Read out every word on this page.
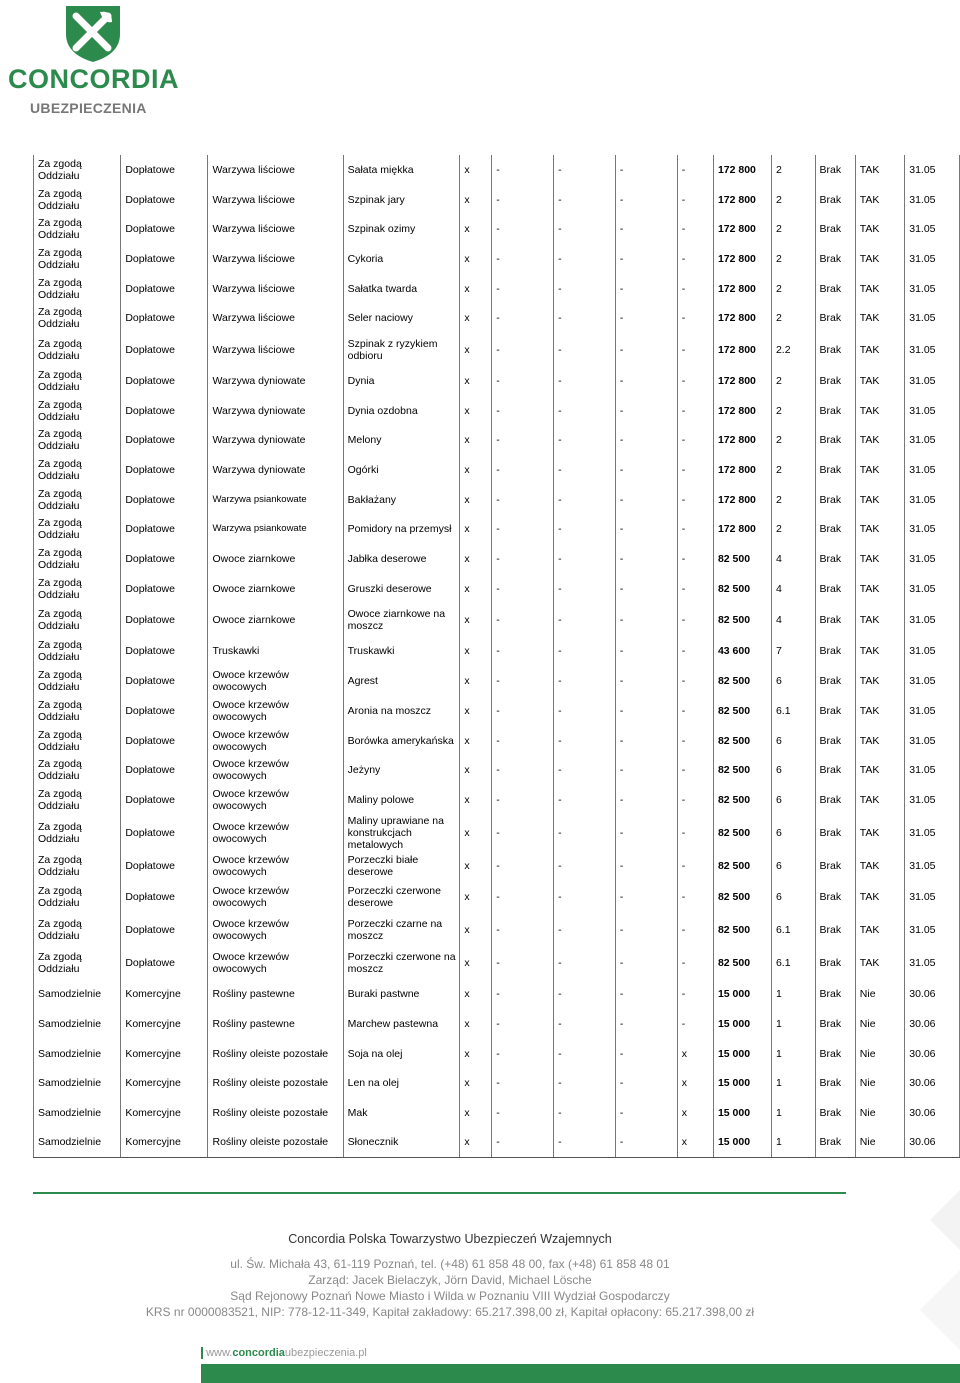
CONCORDIA
UBEZPIECZENIA
Za zgodą Oddziału	Dopłatowe	Warzywa liściowe	Sałata miękka	x	-	-	-	-	172 800	2	Brak	TAK	31.05
Za zgodą Oddziału	Dopłatowe	Warzywa liściowe	Szpinak jary	x	-	-	-	-	172 800	2	Brak	TAK	31.05
Za zgodą Oddziału	Dopłatowe	Warzywa liściowe	Szpinak ozimy	x	-	-	-	-	172 800	2	Brak	TAK	31.05
Za zgodą Oddziału	Dopłatowe	Warzywa liściowe	Cykoria	x	-	-	-	-	172 800	2	Brak	TAK	31.05
Za zgodą Oddziału	Dopłatowe	Warzywa liściowe	Sałatka twarda	x	-	-	-	-	172 800	2	Brak	TAK	31.05
Za zgodą Oddziału	Dopłatowe	Warzywa liściowe	Seler naciowy	x	-	-	-	-	172 800	2	Brak	TAK	31.05
Za zgodą Oddziału	Dopłatowe	Warzywa liściowe	Szpinak z ryzykiem odbioru	x	-	-	-	-	172 800	2.2	Brak	TAK	31.05
Za zgodą Oddziału	Dopłatowe	Warzywa dyniowate	Dynia	x	-	-	-	-	172 800	2	Brak	TAK	31.05
Za zgodą Oddziału	Dopłatowe	Warzywa dyniowate	Dynia ozdobna	x	-	-	-	-	172 800	2	Brak	TAK	31.05
Za zgodą Oddziału	Dopłatowe	Warzywa dyniowate	Melony	x	-	-	-	-	172 800	2	Brak	TAK	31.05
Za zgodą Oddziału	Dopłatowe	Warzywa dyniowate	Ogórki	x	-	-	-	-	172 800	2	Brak	TAK	31.05
Za zgodą Oddziału	Dopłatowe	Warzywa psiankowate	Bakłażany	x	-	-	-	-	172 800	2	Brak	TAK	31.05
Za zgodą Oddziału	Dopłatowe	Warzywa psiankowate	Pomidory na przemysł	x	-	-	-	-	172 800	2	Brak	TAK	31.05
Za zgodą Oddziału	Dopłatowe	Owoce ziarnkowe	Jabłka deserowe	x	-	-	-	-	82 500	4	Brak	TAK	31.05
Za zgodą Oddziału	Dopłatowe	Owoce ziarnkowe	Gruszki deserowe	x	-	-	-	-	82 500	4	Brak	TAK	31.05
Za zgodą Oddziału	Dopłatowe	Owoce ziarnkowe	Owoce ziarnkowe na moszcz	x	-	-	-	-	82 500	4	Brak	TAK	31.05
Za zgodą Oddziału	Dopłatowe	Truskawki	Truskawki	x	-	-	-	-	43 600	7	Brak	TAK	31.05
Za zgodą Oddziału	Dopłatowe	Owoce krzewów owocowych	Agrest	x	-	-	-	-	82 500	6	Brak	TAK	31.05
Za zgodą Oddziału	Dopłatowe	Owoce krzewów owocowych	Aronia na moszcz	x	-	-	-	-	82 500	6.1	Brak	TAK	31.05
Za zgodą Oddziału	Dopłatowe	Owoce krzewów owocowych	Borówka amerykańska	x	-	-	-	-	82 500	6	Brak	TAK	31.05
Za zgodą Oddziału	Dopłatowe	Owoce krzewów owocowych	Jeżyny	x	-	-	-	-	82 500	6	Brak	TAK	31.05
Za zgodą Oddziału	Dopłatowe	Owoce krzewów owocowych	Maliny polowe	x	-	-	-	-	82 500	6	Brak	TAK	31.05
Za zgodą Oddziału	Dopłatowe	Owoce krzewów owocowych	Maliny uprawiane na konstrukcjach metalowych	x	-	-	-	-	82 500	6	Brak	TAK	31.05
Za zgodą Oddziału	Dopłatowe	Owoce krzewów owocowych	Porzeczki białe deserowe	x	-	-	-	-	82 500	6	Brak	TAK	31.05
Za zgodą Oddziału	Dopłatowe	Owoce krzewów owocowych	Porzeczki czerwone deserowe	x	-	-	-	-	82 500	6	Brak	TAK	31.05
Za zgodą Oddziału	Dopłatowe	Owoce krzewów owocowych	Porzeczki czarne na moszcz	x	-	-	-	-	82 500	6.1	Brak	TAK	31.05
Za zgodą Oddziału	Dopłatowe	Owoce krzewów owocowych	Porzeczki czerwone na moszcz	x	-	-	-	-	82 500	6.1	Brak	TAK	31.05
Samodzielnie	Komercyjne	Rośliny pastewne	Buraki pastwne	x	-	-	-	-	15 000	1	Brak	Nie	30.06
Samodzielnie	Komercyjne	Rośliny pastewne	Marchew pastewna	x	-	-	-	-	15 000	1	Brak	Nie	30.06
Samodzielnie	Komercyjne	Rośliny oleiste pozostałe	Soja na olej	x	-	-	-	x	15 000	1	Brak	Nie	30.06
Samodzielnie	Komercyjne	Rośliny oleiste pozostałe	Len na olej	x	-	-	-	x	15 000	1	Brak	Nie	30.06
Samodzielnie	Komercyjne	Rośliny oleiste pozostałe	Mak	x	-	-	-	x	15 000	1	Brak	Nie	30.06
Samodzielnie	Komercyjne	Rośliny oleiste pozostałe	Słonecznik	x	-	-	-	x	15 000	1	Brak	Nie	30.06
Concordia Polska Towarzystwo Ubezpieczeń Wzajemnych
ul. Św. Michała 43, 61-119 Poznań, tel. (+48) 61 858 48 00, fax (+48) 61 858 48 01
Zarząd: Jacek Bielaczyk, Jörn David, Michael Lösche
Sąd Rejonowy Poznań Nowe Miasto i Wilda w Poznaniu VIII Wydział Gospodarczy
KRS nr 0000083521, NIP: 778-12-11-349, Kapitał zakładowy: 65.217.398,00 zł, Kapitał opłacony: 65.217.398,00 zł
www.concordiaubezpieczenia.pl
